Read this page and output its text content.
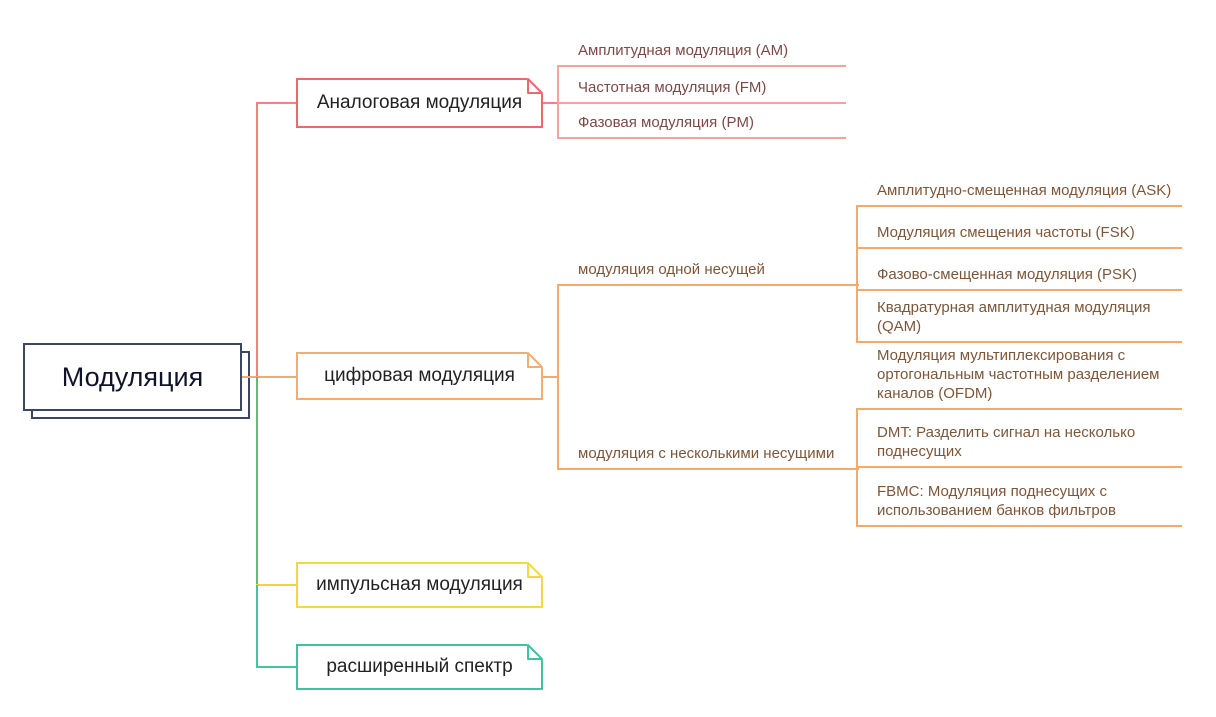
Модуляция
Аналоговая модуляция
цифровая модуляция
импульсная модуляция
расширенный спектр
Амплитудная модуляция (AM)
Частотная модуляция (FM)
Фазовая модуляция (PM)
модуляция одной несущей
модуляция с несколькими несущими
Амплитудно-смещенная модуляция (ASK)
Модуляция смещения частоты (FSK)
Фазово-смещенная модуляция (PSK)
Квадратурная амплитудная модуляция (QAM)
Модуляция мультиплексирования с ортогональным частотным разделением каналов (OFDM)
DMT: Разделить сигнал на несколько поднесущих
FBMC: Модуляция поднесущих с использованием банков фильтров
